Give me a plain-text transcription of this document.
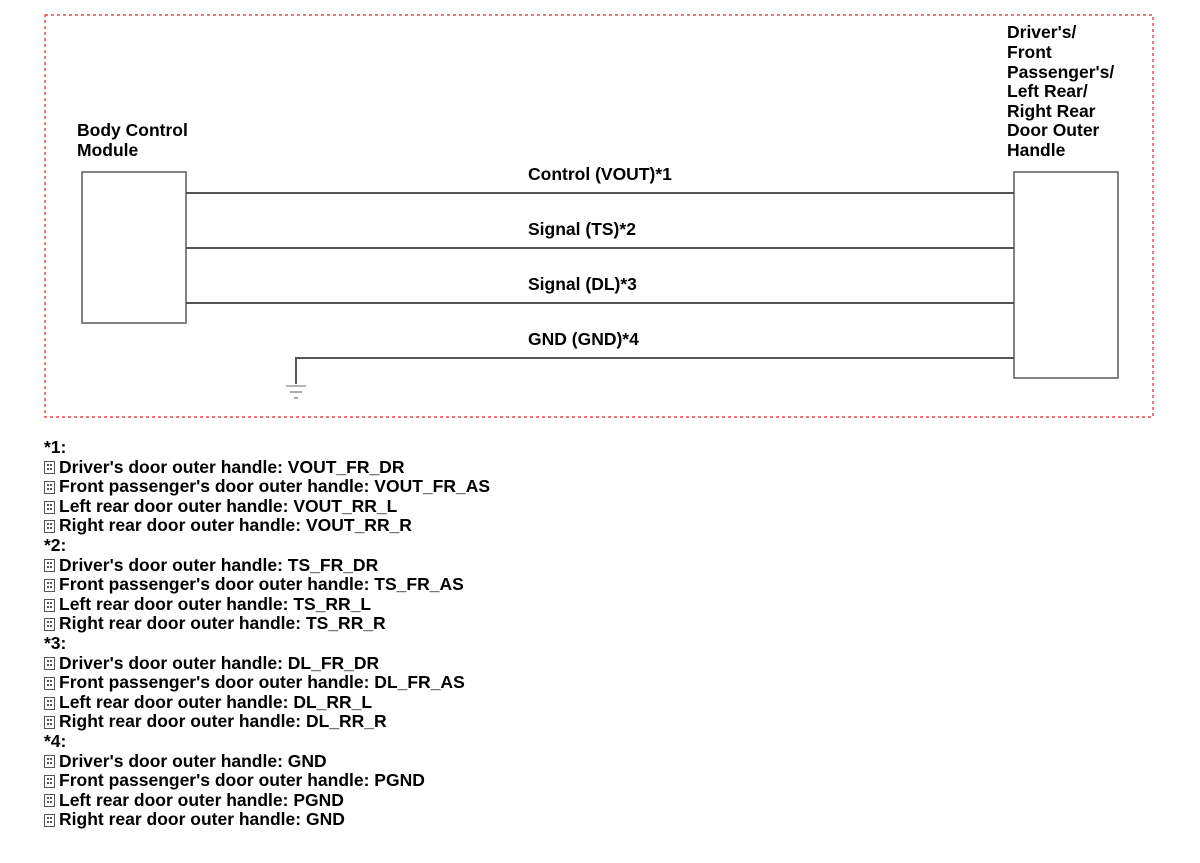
Body Control Module
Driver's/ Front Passenger's/ Left Rear/ Right Rear Door Outer Handle
Control (VOUT)*1
Signal (TS)*2
Signal (DL)*3
GND (GND)*4
*1:
Driver's door outer handle: VOUT_FR_DR
Front passenger's door outer handle: VOUT_FR_AS
Left rear door outer handle: VOUT_RR_L
Right rear door outer handle: VOUT_RR_R
*2:
Driver's door outer handle: TS_FR_DR
Front passenger's door outer handle: TS_FR_AS
Left rear door outer handle: TS_RR_L
Right rear door outer handle: TS_RR_R
*3:
Driver's door outer handle: DL_FR_DR
Front passenger's door outer handle: DL_FR_AS
Left rear door outer handle: DL_RR_L
Right rear door outer handle: DL_RR_R
*4:
Driver's door outer handle: GND
Front passenger's door outer handle: PGND
Left rear door outer handle: PGND
Right rear door outer handle: GND
